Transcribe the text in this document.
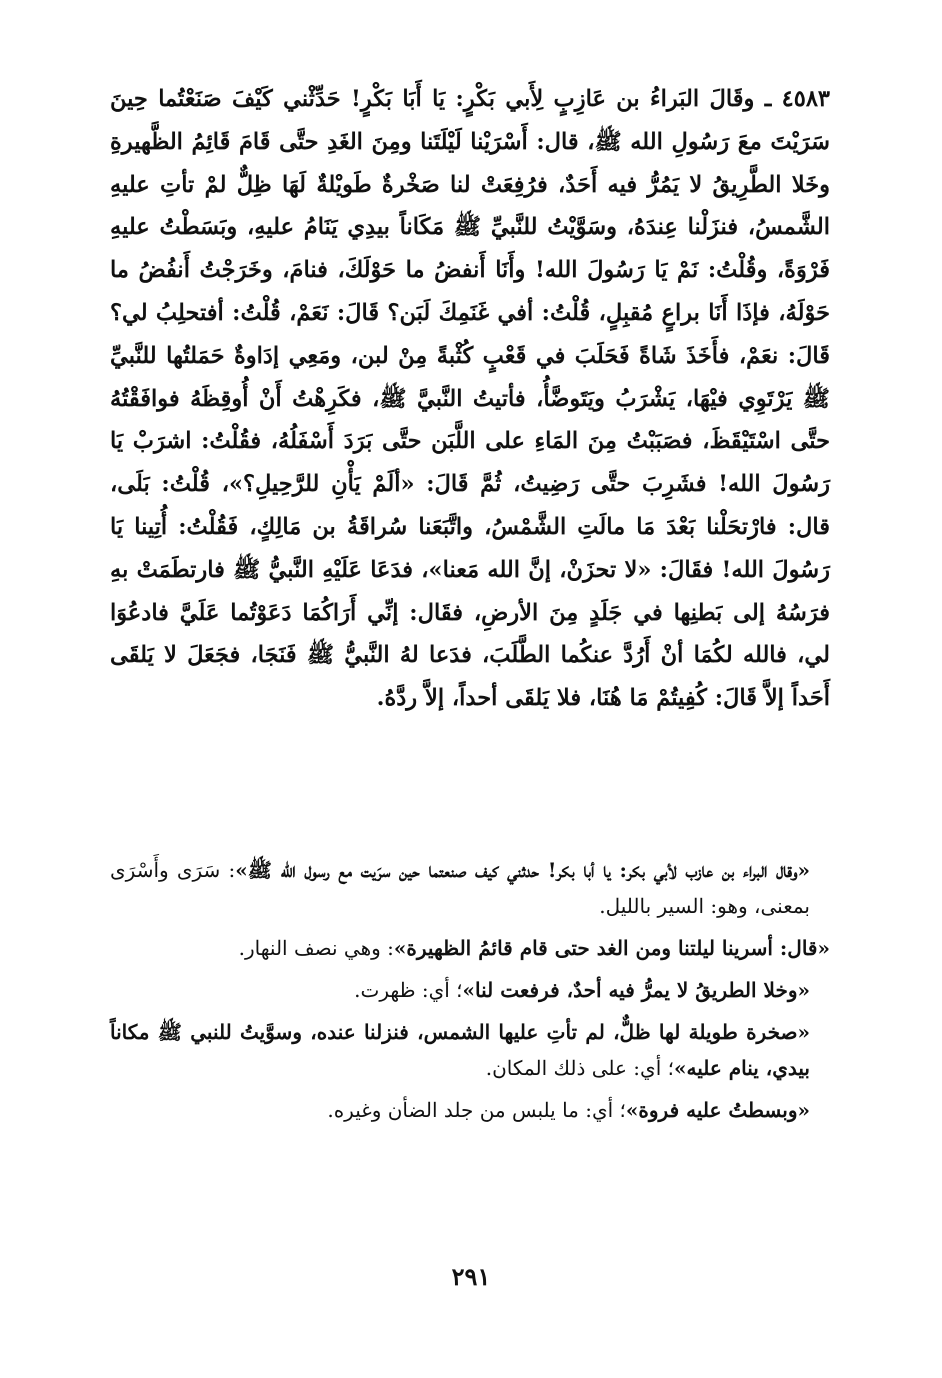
٤٥٨٣ ـ وقَالَ البَراءُ بن عَازِبٍ لِأَبي بَكْرٍ: يَا أَبَا بَكْرٍ! حَدِّثْني كَيْفَ صَنَعْتُما حِينَ سَرَيْتَ معَ رَسُولِ الله ﷺ، قال: أَسْرَيْنا لَيْلَتَنا ومِنَ الغَدِ حتَّى قَامَ قَائِمُ الظَّهيرةِ وخَلا الطَّرِيقُ لا يَمُرُّ فيه أَحَدٌ، فرُفِعَتْ لنا صَخْرةٌ طَويْلةٌ لَهَا ظِلٌّ لمْ تأتِ عليهِ الشَّمسُ، فنزَلْنا عِندَهُ، وسَوَّيْتُ للنَّبيِّ ﷺ مَكَاناً بيدِي يَنَامُ عليهِ، وبَسَطْتُ عليهِ فَرْوَةً، وقُلْتُ: نَمْ يَا رَسُولَ الله! وأَنَا أَنفضُ ما حَوْلَكَ، فنامَ، وخَرَجْتُ أَنفُضُ ما حَوْلَهُ، فإذَا أَنَا براعٍ مُقبِلٍ، قُلْتُ: أفي غَنَمِكَ لَبَن؟ قَالَ: نَعَمْ، قُلْتُ: أفتحلِبُ لي؟ قَالَ: نعَمْ، فأَخَذَ شَاةً فَحَلَبَ في قَعْبٍ كُثْبةً مِنْ لبن، ومَعِي إدَاوةٌ حَمَلتُها للنَّبيِّ ﷺ يَرْتَوِي فيْهَا، يَشْرَبُ ويَتَوضَّأُ، فأتيتُ النَّبيَّ ﷺ، فكَرِهْتُ أَنْ أُوقِظَهُ فوافَقْتُهُ حتَّى اسْتَيْقَظَ، فصَبَبْتُ مِنَ المَاءِ على اللَّبَن حتَّى بَرَدَ أَسْفَلُهُ، فقُلْتُ: اشرَبْ يَا رَسُولَ الله! فشَرِبَ حتَّى رَضِيتُ، ثُمَّ قَالَ: «ألَمْ يَأْنِ للرَّحِيلِ؟»، قُلْتُ: بَلَى، قال: فارْتحَلْنا بَعْدَ مَا مالَتِ الشَّمْسُ، واتَّبَعَنا سُراقَةُ بن مَالِكٍ، فَقُلْتُ: أُتِينا يَا رَسُولَ الله! فقَالَ: «لا تحزَنْ، إنَّ الله مَعنا»، فدَعَا عَلَيْهِ النَّبيُّ ﷺ فارتطَمَتْ بهِ فرَسُهُ إلى بَطنِها في جَلَدٍ مِنَ الأرضِ، فقَال: إنِّي أَرَاكُمَا دَعَوْتُما عَلَيَّ فادعُوَا لي، فالله لكُمَا أنْ أَرُدَّ عنكُما الطَّلَبَ، فدَعا لهُ النَّبيُّ ﷺ فَنَجَا، فجَعَلَ لا يَلقَى أَحَداً إلاَّ قَالَ: كُفِيتُمْ مَا هُنَا، فلا يَلقَى أحداً، إلاَّ ردَّهُ.

«وقال البراء بن عازب لأبي بكر: يا أبا بكر! حدثني كيف صنعتما حين سرَيت مع رسول الله ﷺ»: سَرَى وأَسْرَى بمعنى، وهو: السير بالليل.

«قال: أسرينا ليلتنا ومن الغد حتى قام قائمُ الظهيرة»: وهي نصف النهار.

«وخلا الطريقُ لا يمرُّ فيه أحدٌ، فرفعت لنا»؛ أي: ظهرت.

«صخرة طويلة لها ظلٌّ، لم تأتِ عليها الشمس، فنزلنا عنده، وسوَّيتُ للنبي ﷺ مكاناً بيدي، ينام عليه»؛ أي: على ذلك المكان.

«وبسطتُ عليه فروة»؛ أي: ما يلبس من جلد الضأن وغيره.

٢٩١
